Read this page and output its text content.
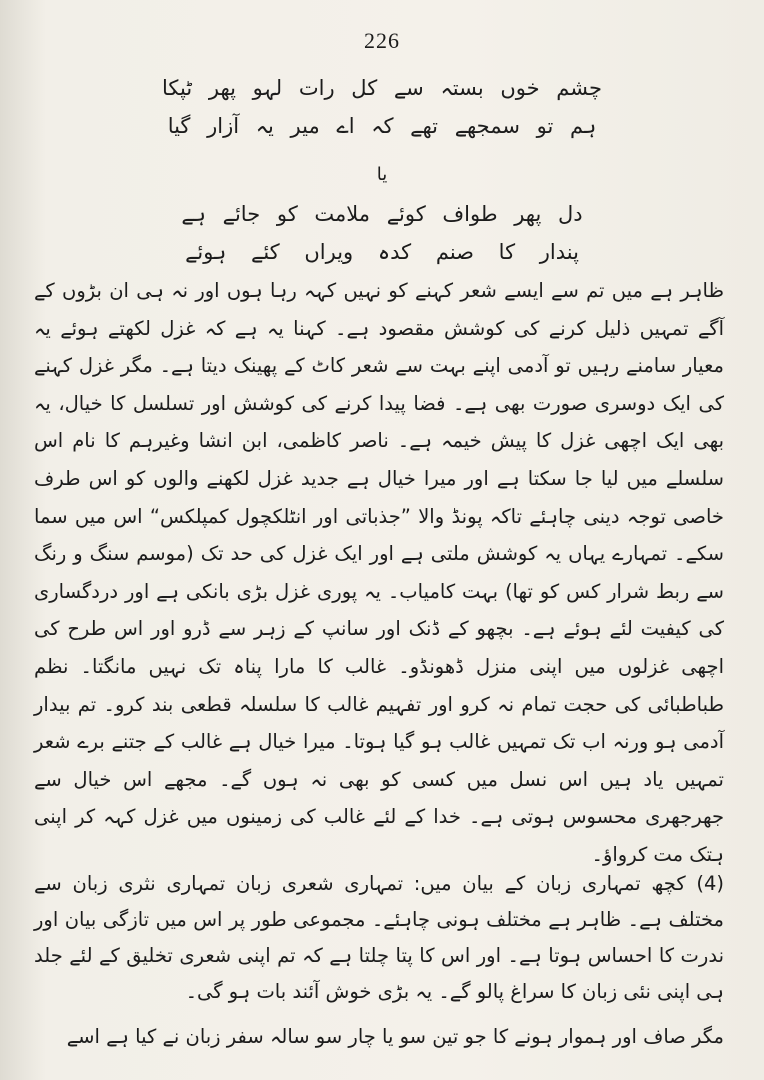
226
چشم خوں بستہ سے کل رات لہو پھر ٹپکا
ہم تو سمجھے تھے کہ اے میر یہ آزار گیا
یا
دل پھر طواف کوئے ملامت کو جائے ہے
پندار کا صنم کدہ ویراں کئے ہوئے

ظاہر ہے میں تم سے ایسے شعر کہنے کو نہیں کہہ رہا ہوں اور نہ ہی ان بڑوں کے آگے تمہیں ذلیل کرنے کی کوشش مقصود ہے۔ کہنا یہ ہے کہ غزل لکھتے ہوئے یہ معیار سامنے رہیں تو آدمی اپنے بہت سے شعر کاٹ کے پھینک دیتا ہے۔ مگر غزل کہنے کی ایک دوسری صورت بھی ہے۔ فضا پیدا کرنے کی کوشش اور تسلسل کا خیال، یہ بھی ایک اچھی غزل کا پیش خیمہ ہے۔ ناصر کاظمی، ابن انشا وغیرہم کا نام اس سلسلے میں لیا جا سکتا ہے اور میرا خیال ہے جدید غزل لکھنے والوں کو اس طرف خاصی توجہ دینی چاہئے تاکہ پونڈ والا ”جذباتی اور انٹلکچول کمپلکس“ اس میں سما سکے۔ تمہارے یہاں یہ کوشش ملتی ہے اور ایک غزل کی حد تک (موسم سنگ و رنگ سے ربط شرار کس کو تھا) بہت کامیاب۔ یہ پوری غزل بڑی بانکی ہے اور دردگساری کی کیفیت لئے ہوئے ہے۔ بچھو کے ڈنک اور سانپ کے زہر سے ڈرو اور اس طرح کی اچھی غزلوں میں اپنی منزل ڈھونڈو۔ غالب کا مارا پناہ تک نہیں مانگتا۔ نظم طباطبائی کی حجت تمام نہ کرو اور تفہیم غالب کا سلسلہ قطعی بند کرو۔ تم بیدار آدمی ہو ورنہ اب تک تمہیں غالب ہو گیا ہوتا۔ میرا خیال ہے غالب کے جتنے برے شعر تمہیں یاد ہیں اس نسل میں کسی کو بھی نہ ہوں گے۔ مجھے اس خیال سے جھرجھری محسوس ہوتی ہے۔ خدا کے لئے غالب کی زمینوں میں غزل کہہ کر اپنی ہتک مت کرواؤ۔

(4) کچھ تمہاری زبان کے بیان میں: تمہاری شعری زبان تمہاری نثری زبان سے مختلف ہے۔ ظاہر ہے مختلف ہونی چاہئے۔ مجموعی طور پر اس میں تازگی بیان اور ندرت کا احساس ہوتا ہے۔ اور اس کا پتا چلتا ہے کہ تم اپنی شعری تخلیق کے لئے جلد ہی اپنی نئی زبان کا سراغ پالو گے۔ یہ بڑی خوش آئند بات ہو گی۔

مگر صاف اور ہموار ہونے کا جو تین سو یا چار سو سالہ سفر زبان نے کیا ہے اسے
